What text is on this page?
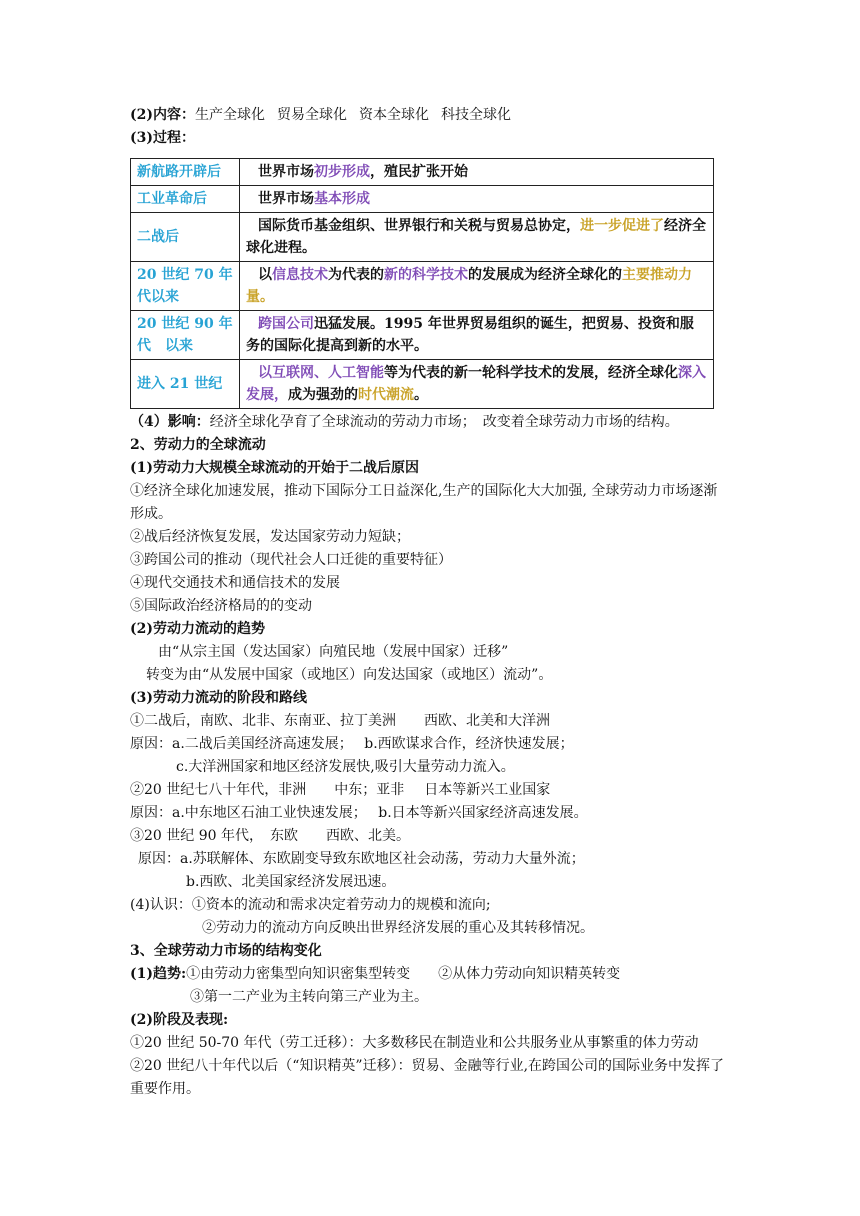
(2)内容：生产全球化 贸易全球化 资本全球化 科技全球化
(3)过程：
新航路开辟后	世界市场初步形成，殖民扩张开始
工业革命后	世界市场基本形成
二战后	国际货币基金组织、世界银行和关税与贸易总协定，进一步促进了经济全球化进程。
20 世纪 70 年代以来	以信息技术为代表的新的科学技术的发展成为经济全球化的主要推动力量。
20 世纪 90 年代　以来	跨国公司迅猛发展。1995 年世界贸易组织的诞生，把贸易、投资和服务的国际化提高到新的水平。
进入 21 世纪	以互联网、人工智能等为代表的新一轮科学技术的发展，经济全球化深入发展，成为强劲的时代潮流。
（4）影响：经济全球化孕育了全球流动的劳动力市场；　改变着全球劳动力市场的结构。
2、劳动力的全球流动
(1)劳动力大规模全球流动的开始于二战后原因
①经济全球化加速发展，推动下国际分工日益深化,生产的国际化大大加强, 全球劳动力市场逐渐形成。
②战后经济恢复发展，发达国家劳动力短缺；
③跨国公司的推动（现代社会人口迁徙的重要特征）
④现代交通技术和通信技术的发展
⑤国际政治经济格局的的变动
(2)劳动力流动的趋势
由“从宗主国（发达国家）向殖民地（发展中国家）迁移”
转变为由“从发展中国家（或地区）向发达国家（或地区）流动”。
(3)劳动力流动的阶段和路线
①二战后，南欧、北非、东南亚、拉丁美洲 西欧、北美和大洋洲
原因：a.二战后美国经济高速发展；　 b.西欧谋求合作，经济快速发展；
c.大洋洲国家和地区经济发展快,吸引大量劳动力流入。
②20 世纪七八十年代，非洲 中东；亚非 日本等新兴工业国家
原因：a.中东地区石油工业快速发展；　 b.日本等新兴国家经济高速发展。
③20 世纪 90 年代，　东欧 西欧、北美。
原因：a.苏联解体、东欧剧变导致东欧地区社会动荡，劳动力大量外流；
b.西欧、北美国家经济发展迅速。
(4)认识：①资本的流动和需求决定着劳动力的规模和流向;
②劳动力的流动方向反映出世界经济发展的重心及其转移情况。
3、全球劳动力市场的结构变化
(1)趋势:①由劳动力密集型向知识密集型转变 ②从体力劳动向知识精英转变
③第一二产业为主转向第三产业为主。
(2)阶段及表现:
①20 世纪 50-70 年代（劳工迁移）：大多数移民在制造业和公共服务业从事繁重的体力劳动
②20 世纪八十年代以后（“知识精英”迁移）：贸易、金融等行业,在跨国公司的国际业务中发挥了重要作用。
